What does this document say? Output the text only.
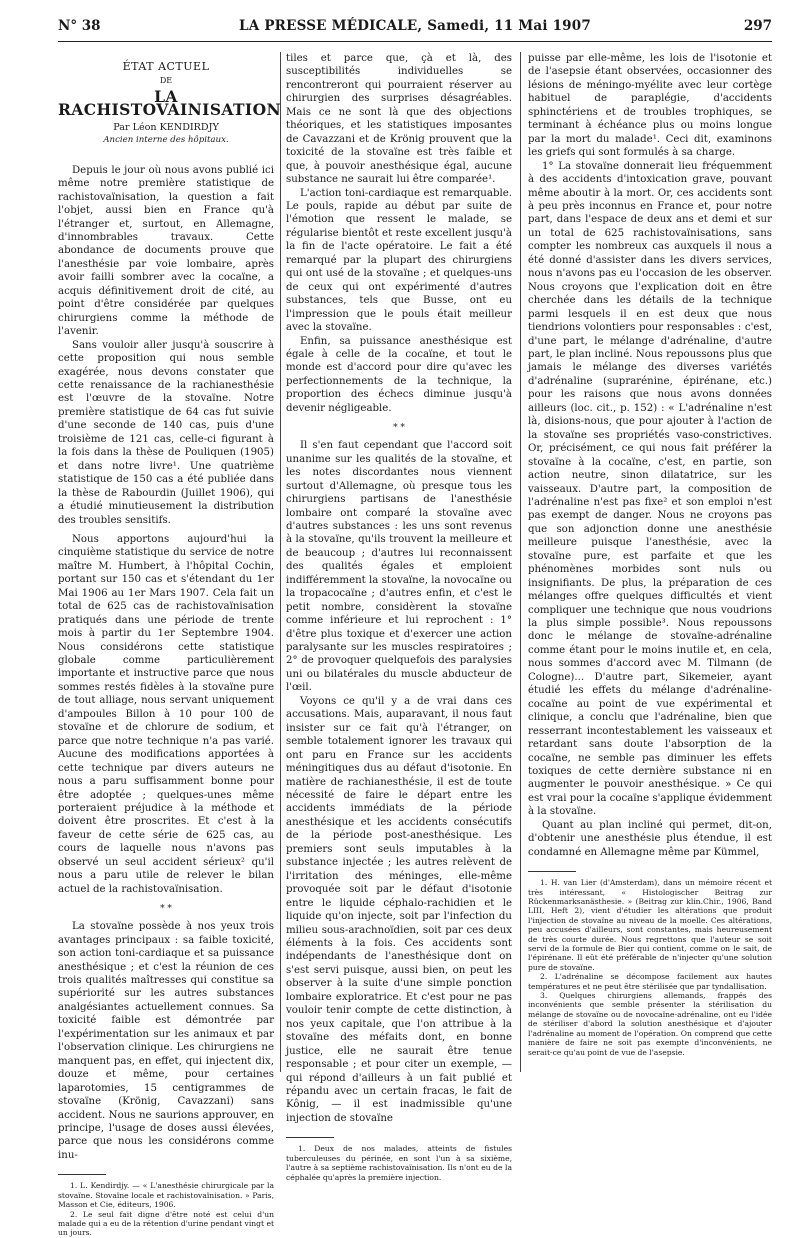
N° 38	LA PRESSE MÉDICALE, Samedi, 11 Mai 1907	297
ÉTAT ACTUEL
DE
LA RACHISTOVAINISATION
Par Léon KENDIRDJY
Ancien interne des hôpitaux.

Depuis le jour où nous avons publié ici même notre première statistique de rachistovaïnisation, la question a fait l'objet, aussi bien en France qu'à l'étranger et, surtout, en Allemagne, d'innombrables travaux. Cette abondance de documents prouve que l'anesthésie par voie lombaire, après avoir failli sombrer avec la cocaïne, a acquis définitivement droit de cité, au point d'être considérée par quelques chirurgiens comme la méthode de l'avenir.

Sans vouloir aller jusqu'à souscrire à cette proposition qui nous semble exagérée, nous devons constater que cette renaissance de la rachianesthésie est l'œuvre de la stovaïne. Notre première statistique de 64 cas fut suivie d'une seconde de 140 cas, puis d'une troisième de 121 cas, celle-ci figurant à la fois dans la thèse de Pouliquen (1905) et dans notre livre¹. Une quatrième statistique de 150 cas a été publiée dans la thèse de Rabourdin (Juillet 1906), qui a étudié minutieusement la distribution des troubles sensitifs.

Nous apportons aujourd'hui la cinquième statistique du service de notre maître M. Humbert, à l'hôpital Cochin, portant sur 150 cas et s'étendant du 1er Mai 1906 au 1er Mars 1907. Cela fait un total de 625 cas de rachistovaïnisation pratiqués dans une période de trente mois à partir du 1er Septembre 1904. Nous considérons cette statistique globale comme particulièrement importante et instructive parce que nous sommes restés fidèles à la stovaïne pure de tout alliage, nous servant uniquement d'ampoules Billon à 10 pour 100 de stovaïne et de chlorure de sodium, et parce que notre technique n'a pas varié. Aucune des modifications apportées à cette technique par divers auteurs ne nous a paru suffisamment bonne pour être adoptée ; quelques-unes même porteraient préjudice à la méthode et doivent être proscrites. Et c'est à la faveur de cette série de 625 cas, au cours de laquelle nous n'avons pas observé un seul accident sérieux² qu'il nous a paru utile de relever le bilan actuel de la rachistovaïnisation.

* *

La stovaïne possède à nos yeux trois avantages principaux : sa faible toxicité, son action toni-cardiaque et sa puissance anesthésique ; et c'est la réunion de ces trois qualités maîtresses qui constitue sa supériorité sur les autres substances analgésiantes actuellement connues. Sa toxicité faible est démontrée par l'expérimentation sur les animaux et par l'observation clinique. Les chirurgiens ne manquent pas, en effet, qui injectent dix, douze et même, pour certaines laparotomies, 15 centigrammes de stovaïne (Krönig, Cavazzani) sans accident. Nous ne saurions approuver, en principe, l'usage de doses aussi élevées, parce que nous les considérons comme inu-

1. L. Kendirdjy. — « L'anesthésie chirurgicale par la stovaïne. Stovaïne locale et rachistovaïnisation. » Paris, Masson et Cie, éditeurs, 1906.

2. Le seul fait digne d'être noté est celui d'un malade qui a eu de la rétention d'urine pendant vingt et un jours.

tiles et parce que, çà et là, des susceptibilités individuelles se rencontreront qui pourraient réserver au chirurgien des surprises désagréables. Mais ce ne sont là que des objections théoriques, et les statistiques imposantes de Cavazzani et de Krönig prouvent que la toxicité de la stovaïne est très faible et que, à pouvoir anesthésique égal, aucune substance ne saurait lui être comparée¹.

L'action toni-cardiaque est remarquable. Le pouls, rapide au début par suite de l'émotion que ressent le malade, se régularise bientôt et reste excellent jusqu'à la fin de l'acte opératoire. Le fait a été remarqué par la plupart des chirurgiens qui ont usé de la stovaïne ; et quelques-uns de ceux qui ont expérimenté d'autres substances, tels que Busse, ont eu l'impression que le pouls était meilleur avec la stovaïne.

Enfin, sa puissance anesthésique est égale à celle de la cocaïne, et tout le monde est d'accord pour dire qu'avec les perfectionnements de la technique, la proportion des échecs diminue jusqu'à devenir négligeable.

* *

Il s'en faut cependant que l'accord soit unanime sur les qualités de la stovaïne, et les notes discordantes nous viennent surtout d'Allemagne, où presque tous les chirurgiens partisans de l'anesthésie lombaire ont comparé la stovaïne avec d'autres substances : les uns sont revenus à la stovaïne, qu'ils trouvent la meilleure et de beaucoup ; d'autres lui reconnaissent des qualités égales et emploient indifféremment la stovaïne, la novocaïne ou la tropacocaïne ; d'autres enfin, et c'est le petit nombre, considèrent la stovaïne comme inférieure et lui reprochent : 1° d'être plus toxique et d'exercer une action paralysante sur les muscles respiratoires ; 2° de provoquer quelquefois des paralysies uni ou bilatérales du muscle abducteur de l'œil.

Voyons ce qu'il y a de vrai dans ces accusations. Mais, auparavant, il nous faut insister sur ce fait qu'à l'étranger, on semble totalement ignorer les travaux qui ont paru en France sur les accidents méningitiques dus au défaut d'isotonie. En matière de rachianesthésie, il est de toute nécessité de faire le départ entre les accidents immédiats de la période anesthésique et les accidents consécutifs de la période post-anesthésique. Les premiers sont seuls imputables à la substance injectée ; les autres relèvent de l'irritation des méninges, elle-même provoquée soit par le défaut d'isotonie entre le liquide céphalo-rachidien et le liquide qu'on injecte, soit par l'infection du milieu sous-arachnoïdien, soit par ces deux éléments à la fois. Ces accidents sont indépendants de l'anesthésique dont on s'est servi puisque, aussi bien, on peut les observer à la suite d'une simple ponction lombaire exploratrice. Et c'est pour ne pas vouloir tenir compte de cette distinction, à nos yeux capitale, que l'on attribue à la stovaïne des méfaits dont, en bonne justice, elle ne saurait être tenue responsable ; et pour citer un exemple, — qui répond d'ailleurs à un fait publié et répandu avec un certain fracas, le fait de Kônig, — il est inadmissible qu'une injection de stovaïne

1. Deux de nos malades, atteints de fistules tuberculeuses du périnée, en sont l'un à sa sixième, l'autre à sa septième rachistovaïnisation. Ils n'ont eu de la céphalée qu'après la première injection.

puisse par elle-même, les lois de l'isotonie et de l'asepsie étant observées, occasionner des lésions de méningo-myélite avec leur cortège habituel de paraplégie, d'accidents sphinctériens et de troubles trophiques, se terminant à échéance plus ou moins longue par la mort du malade¹. Ceci dit, examinons les griefs qui sont formulés à sa charge.

1° La stovaïne donnerait lieu fréquemment à des accidents d'intoxication grave, pouvant même aboutir à la mort. Or, ces accidents sont à peu près inconnus en France et, pour notre part, dans l'espace de deux ans et demi et sur un total de 625 rachistovaïnisations, sans compter les nombreux cas auxquels il nous a été donné d'assister dans les divers services, nous n'avons pas eu l'occasion de les observer. Nous croyons que l'explication doit en être cherchée dans les détails de la technique parmi lesquels il en est deux que nous tiendrions volontiers pour responsables : c'est, d'une part, le mélange d'adrénaline, d'autre part, le plan incliné. Nous repoussons plus que jamais le mélange des diverses variétés d'adrénaline (suprarénine, épirénane, etc.) pour les raisons que nous avons données ailleurs (loc. cit., p. 152) : « L'adrénaline n'est là, disions-nous, que pour ajouter à l'action de la stovaïne ses propriétés vaso-constrictives. Or, précisément, ce qui nous fait préférer la stovaïne à la cocaïne, c'est, en partie, son action neutre, sinon dilatatrice, sur les vaisseaux. D'autre part, la composition de l'adrénaline n'est pas fixe² et son emploi n'est pas exempt de danger. Nous ne croyons pas que son adjonction donne une anesthésie meilleure puisque l'anesthésie, avec la stovaïne pure, est parfaite et que les phénomènes morbides sont nuls ou insignifiants. De plus, la préparation de ces mélanges offre quelques difficultés et vient compliquer une technique que nous voudrions la plus simple possible³. Nous repoussons donc le mélange de stovaïne-adrénaline comme étant pour le moins inutile et, en cela, nous sommes d'accord avec M. Tilmann (de Cologne)... D'autre part, Sikemeier, ayant étudié les effets du mélange d'adrénaline-cocaïne au point de vue expérimental et clinique, a conclu que l'adrénaline, bien que resserrant incontestablement les vaisseaux et retardant sans doute l'absorption de la cocaïne, ne semble pas diminuer les effets toxiques de cette dernière substance ni en augmenter le pouvoir anesthésique. » Ce qui est vrai pour la cocaïne s'applique évidemment à la stovaïne.

Quant au plan incliné qui permet, dit-on, d'obtenir une anesthésie plus étendue, il est condamné en Allemagne même par Kümmel,

1. H. van Lier (d'Amsterdam), dans un mémoire récent et très intéressant, « Histologischer Beitrag zur Rückenmarksanästhesie. » (Beitrag zur klin.Chir., 1906, Band LIII, Heft 2), vient d'étudier les altérations que produit l'injection de stovaïne au niveau de la moelle. Ces altérations, peu accusées d'ailleurs, sont constantes, mais heureusement de très courte durée. Nous regrettons que l'auteur se soit servi de la formule de Bier qui contient, comme on le sait, de l'épirénane. Il eût été préférable de n'injecter qu'une solution pure de stovaïne.

2. L'adrénaline se décompose facilement aux hautes températures et ne peut être stérilisée que par tyndallisation.

3. Quelques chirurgiens allemands, frappés des inconvénients que semble présenter la stérilisation du mélange de stovaïne ou de novocaïne-adrénaline, ont eu l'idée de stériliser d'abord la solution anesthésique et d'ajouter l'adrénaline au moment de l'opération. On comprend que cette manière de faire ne soit pas exempte d'inconvénients, ne serait-ce qu'au point de vue de l'asepsie.
